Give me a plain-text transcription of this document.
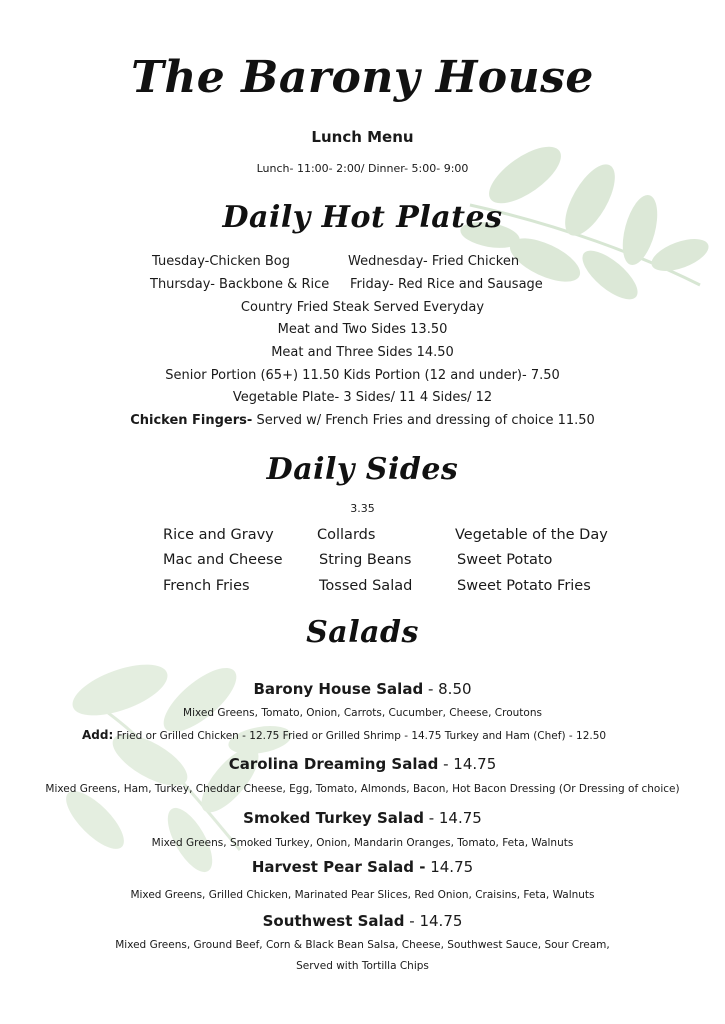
The Barony House
Lunch Menu
Lunch- 11:00- 2:00/ Dinner- 5:00- 9:00
Daily Hot Plates
Tuesday-Chicken Bog	Wednesday- Fried Chicken
Thursday- Backbone & Rice Friday- Red Rice and Sausage
Country Fried Steak Served Everyday
Meat and Two Sides 13.50
Meat and Three Sides 14.50
Senior Portion (65+) 11.50 Kids Portion (12 and under)- 7.50
Vegetable Plate- 3 Sides/ 11 4 Sides/ 12
Chicken Fingers- Served w/ French Fries and dressing of choice 11.50
Daily Sides
3.35
Rice and Gravy
Mac and Cheese
French Fries
Collards
String Beans
Tossed Salad
Vegetable of the Day
Sweet Potato
Sweet Potato Fries
Salads
Barony House Salad - 8.50
Mixed Greens, Tomato, Onion, Carrots, Cucumber, Cheese, Croutons
Add: Fried or Grilled Chicken - 12.75 Fried or Grilled Shrimp - 14.75 Turkey and Ham (Chef) - 12.50
Carolina Dreaming Salad - 14.75
Mixed Greens, Ham, Turkey, Cheddar Cheese, Egg, Tomato, Almonds, Bacon, Hot Bacon Dressing (Or Dressing of choice)
Smoked Turkey Salad - 14.75
Mixed Greens, Smoked Turkey, Onion, Mandarin Oranges, Tomato, Feta, Walnuts
Harvest Pear Salad - 14.75
Mixed Greens, Grilled Chicken, Marinated Pear Slices, Red Onion, Craisins, Feta, Walnuts
Southwest Salad - 14.75
Mixed Greens, Ground Beef, Corn & Black Bean Salsa, Cheese, Southwest Sauce, Sour Cream,
Served with Tortilla Chips
